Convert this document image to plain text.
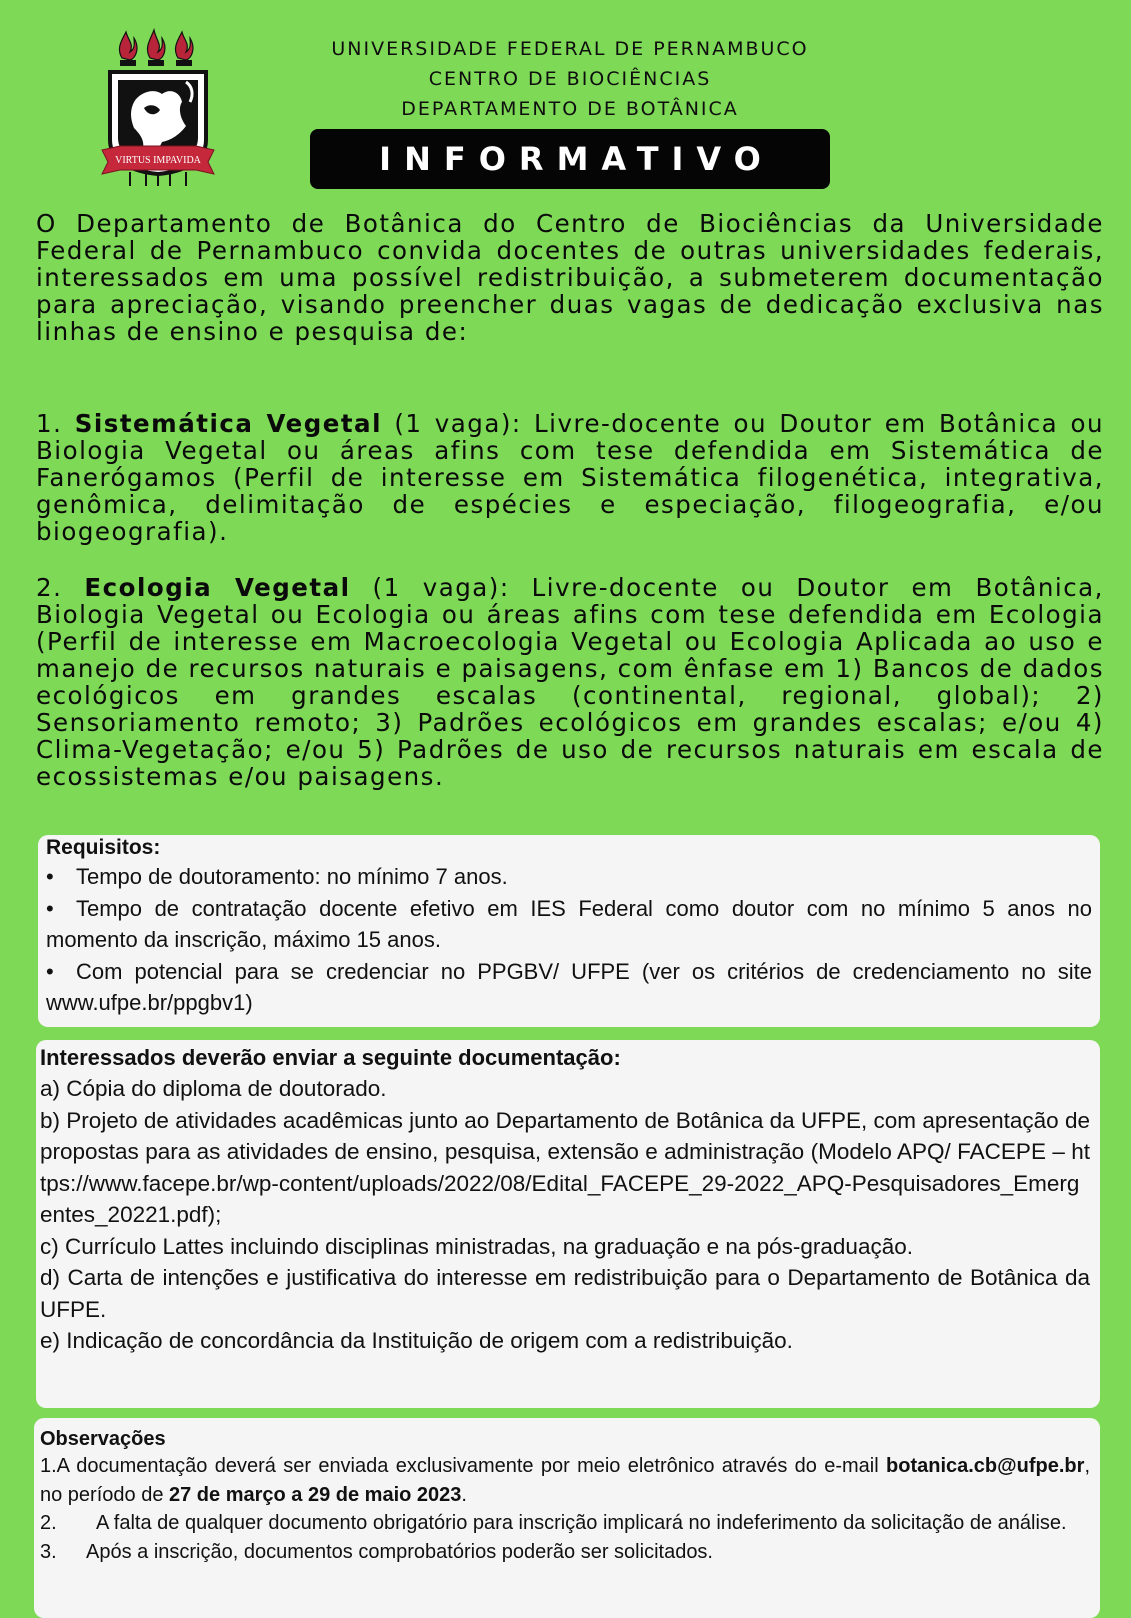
VIRTUS IMPAVIDA
UNIVERSIDADE FEDERAL DE PERNAMBUCO
CENTRO DE BIOCIÊNCIAS
DEPARTAMENTO DE BOTÂNICA
INFORMATIVO
O Departamento de Botânica do Centro de Biociências da Universidade Federal de Pernambuco convida docentes de outras universidades federais, interessados em uma possível redistribuição, a submeterem documentação para apreciação, visando preencher duas vagas de dedicação exclusiva nas linhas de ensino e pesquisa de:
1. Sistemática Vegetal (1 vaga): Livre-docente ou Doutor em Botânica ou Biologia Vegetal ou áreas afins com tese defendida em Sistemática de Fanerógamos (Perfil de interesse em Sistemática filogenética, integrativa, genômica, delimitação de espécies e especiação, filogeografia, e/ou biogeografia).
2. Ecologia Vegetal (1 vaga): Livre-docente ou Doutor em Botânica, Biologia Vegetal ou Ecologia ou áreas afins com tese defendida em Ecologia (Perfil de interesse em Macroecologia Vegetal ou Ecologia Aplicada ao uso e manejo de recursos naturais e paisagens, com ênfase em 1) Bancos de dados ecológicos em grandes escalas (continental, regional, global); 2) Sensoriamento remoto; 3) Padrões ecológicos em grandes escalas; e/ou 4) Clima-Vegetação; e/ou 5) Padrões de uso de recursos naturais em escala de ecossistemas e/ou paisagens.
Requisitos:
• Tempo de doutoramento: no mínimo 7 anos.
• Tempo de contratação docente efetivo em IES Federal como doutor com no mínimo 5 anos no momento da inscrição, máximo 15 anos.
• Com potencial para se credenciar no PPGBV/ UFPE (ver os critérios de credenciamento no site www.ufpe.br/ppgbv1)
Interessados deverão enviar a seguinte documentação:
a) Cópia do diploma de doutorado.
b) Projeto de atividades acadêmicas junto ao Departamento de Botânica da UFPE, com apresentação de propostas para as atividades de ensino, pesquisa, extensão e administração (Modelo APQ/ FACEPE – https://www.facepe.br/wp-content/uploads/2022/08/Edital_FACEPE_29-2022_APQ-Pesquisadores_Emergentes_20221.pdf);
c) Currículo Lattes incluindo disciplinas ministradas, na graduação e na pós-graduação.
d) Carta de intenções e justificativa do interesse em redistribuição para o Departamento de Botânica da UFPE.
e) Indicação de concordância da Instituição de origem com a redistribuição.
Observações
1.A documentação deverá ser enviada exclusivamente por meio eletrônico através do e-mail botanica.cb@ufpe.br, no período de 27 de março a 29 de maio 2023.
2. A falta de qualquer documento obrigatório para inscrição implicará no indeferimento da solicitação de análise.
3. Após a inscrição, documentos comprobatórios poderão ser solicitados.
